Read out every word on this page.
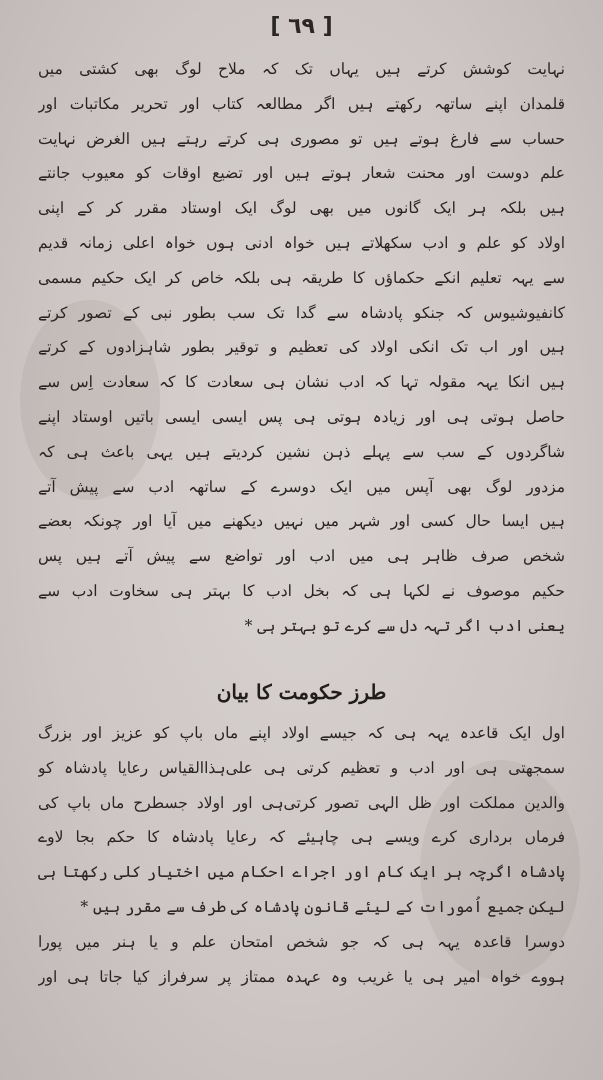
[ ٦٩ ]
نہایت کوشش کرتے ہیں یہاں تک کہ ملاح لوگ بھی کشتی میں
قلمدان اپنے ساتھہ رکھتے ہیں اگر مطالعہ کتاب اور تحریر مکاتبات اور
حساب سے فارغ ہوتے ہیں تو مصوری ہی کرتے رہتے ہیں الغرض نہایت
علم دوست اور محنت شعار ہوتے ہیں اور تضیع اوقات کو معیوب جانتے
ہیں بلکہ ہر ایک گانوں میں بھی لوگ ایک اوستاد مقرر کر کے اپنی
اولاد کو علم و ادب سکھلاتے ہیں خواہ ادنی ہوں خواہ اعلی زمانہ قدیم
سے یہہ تعلیم انکے حکماؤں کا طریقہ ہی بلکہ خاص کر ایک حکیم مسمی
کانفیوشیوس کہ جنکو پادشاہ سے گدا تک سب بطور نبی کے تصور کرتے
ہیں اور اب تک انکی اولاد کی تعظیم و توقیر بطور شاہزادوں کے کرتے
ہیں انکا یہہ مقولہ تہا کہ ادب نشان ہی سعادت کا کہ سعادت اِس سے
حاصل ہوتی ہی اور زیادہ ہوتی ہی پس ایسی ایسی باتیں اوستاد اپنے
شاگردوں کے سب سے پہلے ذہن نشین کردیتے ہیں یہی باعث ہی کہ
مزدور لوگ بھی آپس میں ایک دوسرے کے ساتھہ ادب سے پیش آتے
ہیں ایسا حال کسی اور شہر میں نہیں دیکھنے میں آیا اور چونکہ بعضے
شخص صرف ظاہر ہی میں ادب اور تواضع سے پیش آتے ہیں پس
حکیم موصوف نے لکہا ہی کہ بخل ادب کا بہتر ہی سخاوت ادب سے
یعنی ادب اگر تہہ دل سے کرے تو بہتر ہی *
طرز حکومت کا بیان
اول ایک قاعدہ یہہ ہی کہ جیسے اولاد اپنے ماں باپ کو عزیز اور بزرگ
سمجھتی ہی اور ادب و تعظیم کرتی ہی علی‌ہذاالقیاس رعایا پادشاہ کو
والدین مملکت اور ظل الہی تصور کرتی‌ہی اور اولاد جسطرح ماں باپ کی
فرماں برداری کرے ویسے ہی چاہیئے کہ رعایا پادشاہ کا حکم بجا لاوے
پادشاہ اگرچہ ہر ایک کام اور اجراے احکام میں اختیار کلی رکھتا ہی
لیکن جمیع اُمورات کے لیئے قانون پادشاہ کی طرف سے مقرر ہیں *
دوسرا قاعدہ یہہ ہی کہ جو شخص امتحان علم و یا ہنر میں پورا
ہووے خواہ امیر ہی یا غریب وہ عہدہ ممتاز پر سرفراز کیا جاتا ہی اور
